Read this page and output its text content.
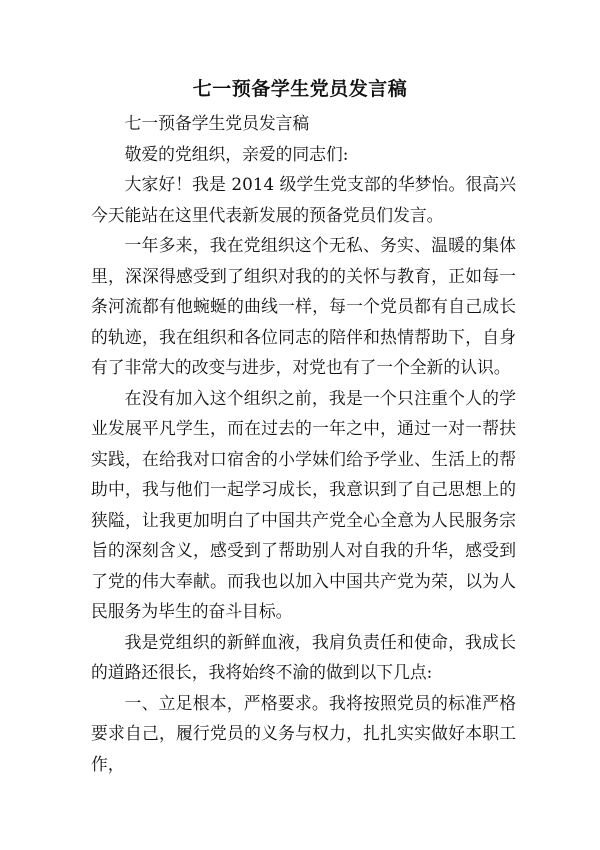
七一预备学生党员发言稿

七一预备学生党员发言稿

敬爱的党组织，亲爱的同志们:

大家好！我是 2014 级学生党支部的华梦怡。很高兴今天能站在这里代表新发展的预备党员们发言。

一年多来，我在党组织这个无私、务实、温暖的集体里，深深得感受到了组织对我的的关怀与教育，正如每一条河流都有他蜿蜒的曲线一样，每一个党员都有自己成长的轨迹，我在组织和各位同志的陪伴和热情帮助下，自身有了非常大的改变与进步，对党也有了一个全新的认识。

在没有加入这个组织之前，我是一个只注重个人的学业发展平凡学生，而在过去的一年之中，通过一对一帮扶实践，在给我对口宿舍的小学妹们给予学业、生活上的帮助中，我与他们一起学习成长，我意识到了自己思想上的狭隘，让我更加明白了中国共产党全心全意为人民服务宗旨的深刻含义，感受到了帮助别人对自我的升华，感受到了党的伟大奉献。而我也以加入中国共产党为荣，以为人民服务为毕生的奋斗目标。

我是党组织的新鲜血液，我肩负责任和使命，我成长的道路还很长，我将始终不渝的做到以下几点:

一、立足根本，严格要求。我将按照党员的标准严格要求自己，履行党员的义务与权力，扎扎实实做好本职工作，
